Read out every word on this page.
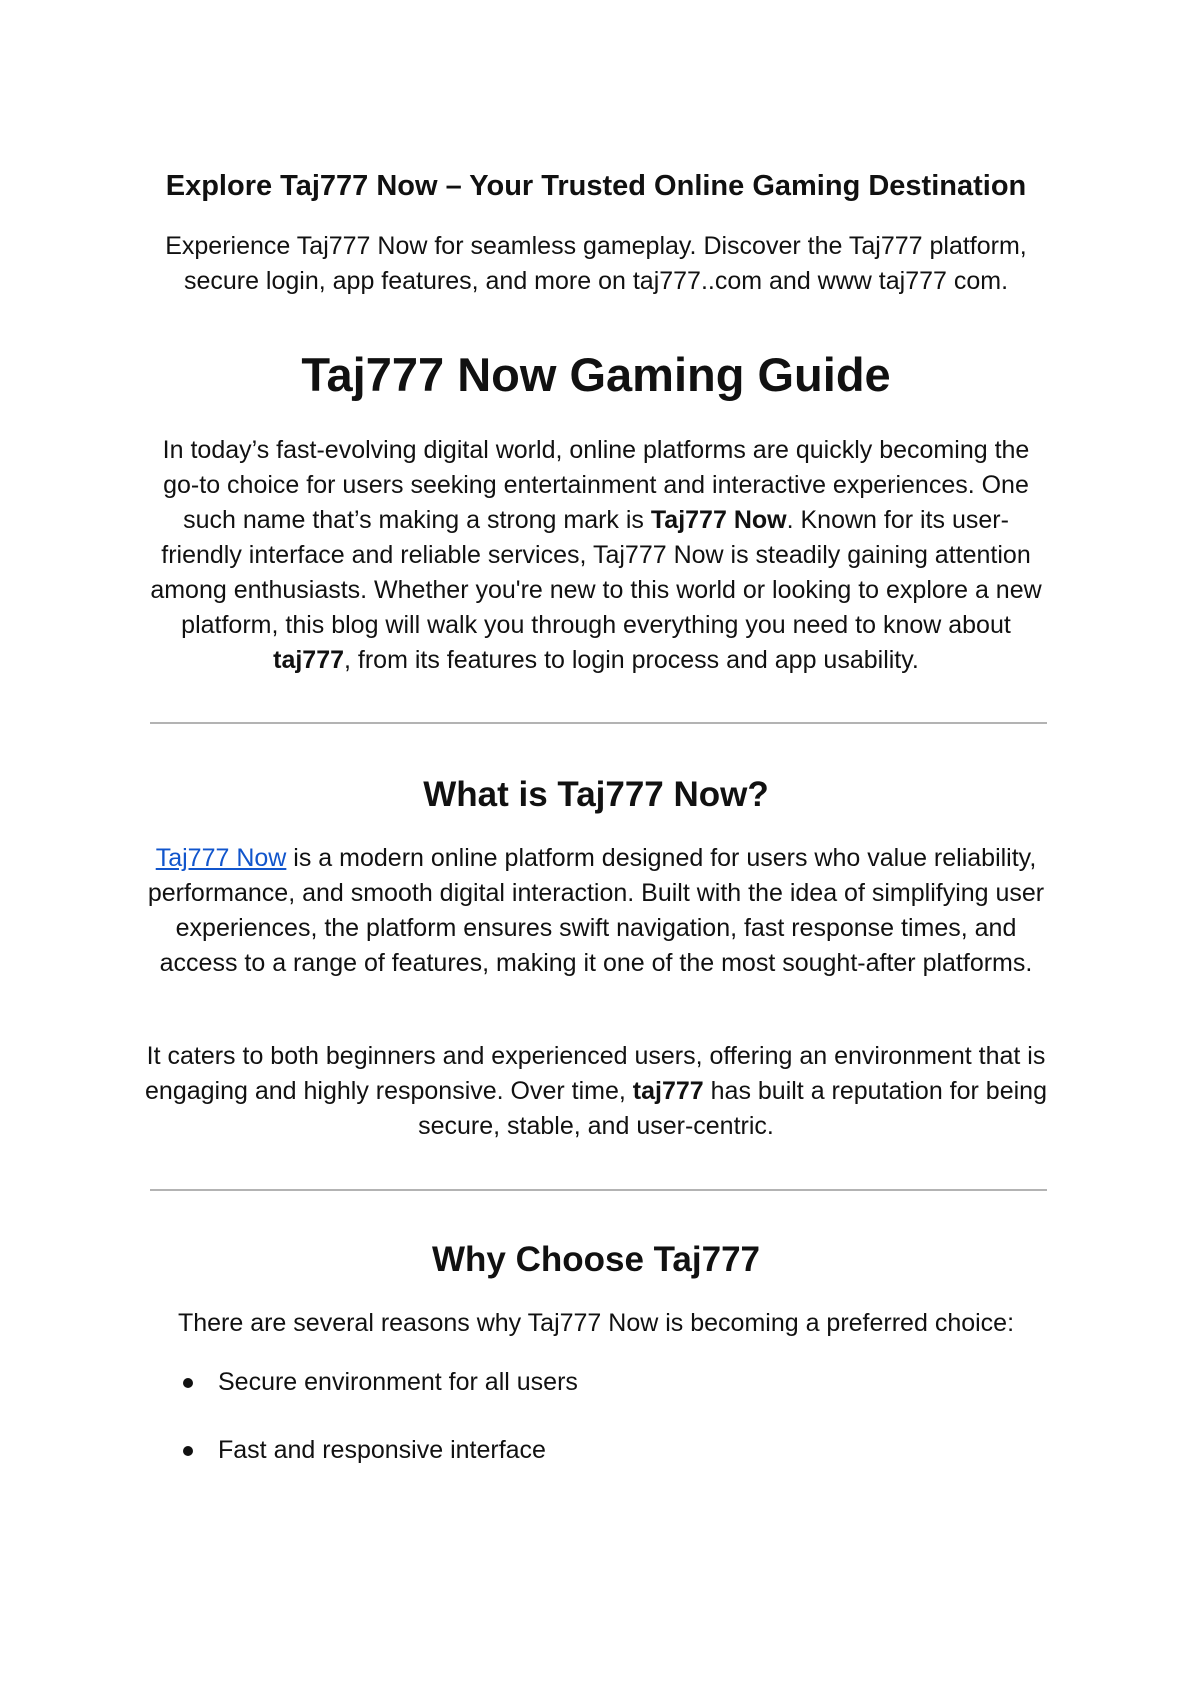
Explore Taj777 Now – Your Trusted Online Gaming Destination
Experience Taj777 Now for seamless gameplay. Discover the Taj777 platform,
secure login, app features, and more on taj777..com and www taj777 com.
Taj777 Now Gaming Guide
In today’s fast-evolving digital world, online platforms are quickly becoming the go-to choice for users seeking entertainment and interactive experiences. One such name that’s making a strong mark is Taj777 Now. Known for its user-friendly interface and reliable services, Taj777 Now is steadily gaining attention among enthusiasts. Whether you're new to this world or looking to explore a new platform, this blog will walk you through everything you need to know about taj777, from its features to login process and app usability.
What is Taj777 Now?
Taj777 Now is a modern online platform designed for users who value reliability, performance, and smooth digital interaction. Built with the idea of simplifying user experiences, the platform ensures swift navigation, fast response times, and access to a range of features, making it one of the most sought-after platforms.
It caters to both beginners and experienced users, offering an environment that is engaging and highly responsive. Over time, taj777 has built a reputation for being secure, stable, and user-centric.
Why Choose Taj777
There are several reasons why Taj777 Now is becoming a preferred choice:
Secure environment for all users
Fast and responsive interface
